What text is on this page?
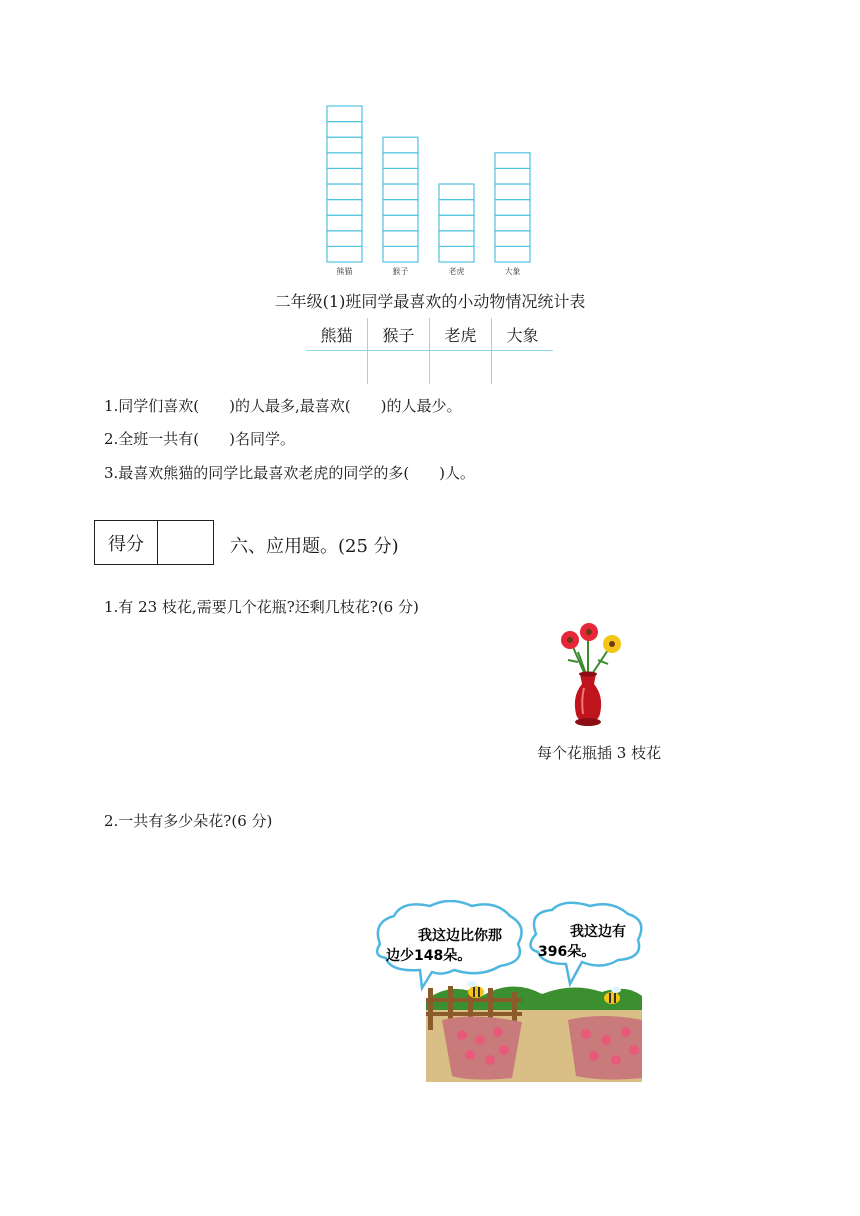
熊猫	猴子	老虎	大象
二年级(1)班同学最喜欢的小动物情况统计表
熊猫	猴子	老虎	大象

1.同学们喜欢(　　)的人最多,最喜欢(　　)的人最少。
2.全班一共有(　　)名同学。
3.最喜欢熊猫的同学比最喜欢老虎的同学的多(　　)人。
得分	六、应用题。(25 分)
1.有 23 枝花,需要几个花瓶?还剩几枝花?(6 分)
每个花瓶插 3 枝花
2.一共有多少朵花?(6 分)
我这边比你那
边少148朵。
我这边有
396朵。
